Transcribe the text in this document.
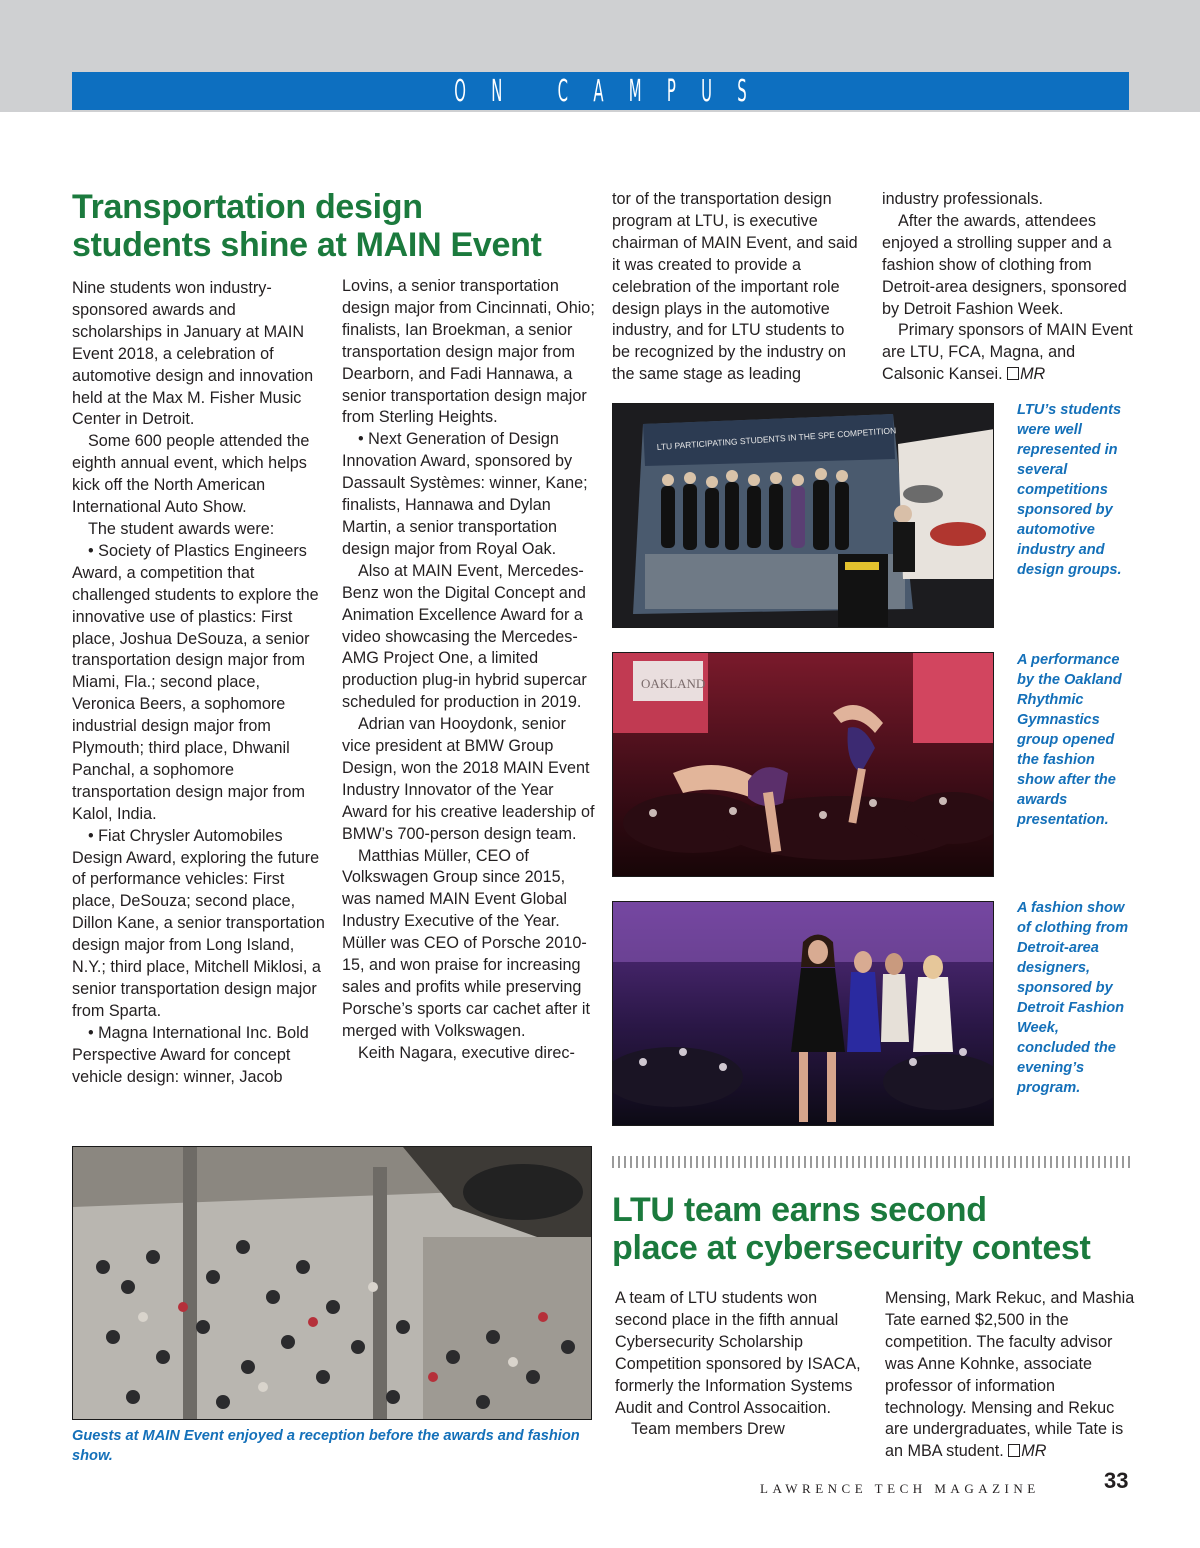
ON CAMPUS
Transportation design
students shine at MAIN Event

Nine students won industry-sponsored awards and scholarships in January at MAIN Event 2018, a celebration of automotive design and innovation held at the Max M. Fisher Music Center in Detroit.

Some 600 people attended the eighth annual event, which helps kick off the North American International Auto Show.

The student awards were:

• Society of Plastics Engineers Award, a competition that challenged students to explore the innovative use of plastics: First place, Joshua DeSouza, a senior transportation design major from Miami, Fla.; second place, Veronica Beers, a sophomore industrial design major from Plymouth; third place, Dhwanil Panchal, a sophomore transportation design major from Kalol, India.

• Fiat Chrysler Automobiles Design Award, exploring the future of performance vehicles: First place, DeSouza; second place, Dillon Kane, a senior transportation design major from Long Island, N.Y.; third place, Mitchell Miklosi, a senior transportation design major from Sparta.

• Magna International Inc. Bold Perspective Award for concept vehicle design: winner, Jacob

Lovins, a senior transportation design major from Cincinnati, Ohio; finalists, Ian Broekman, a senior transportation design major from Dearborn, and Fadi Hannawa, a senior transportation design major from Sterling Heights.

• Next Generation of Design Innovation Award, sponsored by Dassault Systèmes: winner, Kane; finalists, Hannawa and Dylan Martin, a senior transportation design major from Royal Oak.

Also at MAIN Event, Mercedes-Benz won the Digital Concept and Animation Excellence Award for a video showcasing the Mercedes-AMG Project One, a limited production plug-in hybrid supercar scheduled for production in 2019.

Adrian van Hooydonk, senior vice president at BMW Group Design, won the 2018 MAIN Event Industry Innovator of the Year Award for his creative leadership of BMW’s 700-person design team.

Matthias Müller, CEO of Volkswagen Group since 2015, was named MAIN Event Global Industry Executive of the Year. Müller was CEO of Porsche 2010-15, and won praise for increasing sales and profits while preserving Porsche’s sports car cachet after it merged with Volkswagen.

Keith Nagara, executive direc-

tor of the transportation design program at LTU, is executive chairman of MAIN Event, and said it was created to provide a celebration of the important role design plays in the automotive industry, and for LTU students to be recognized by the industry on the same stage as leading

industry professionals.

After the awards, attendees enjoyed a strolling supper and a fashion show of clothing from Detroit-area designers, sponsored by Detroit Fashion Week.

Primary sponsors of MAIN Event are LTU, FCA, Magna, and Calsonic Kansei. MR

LTU PARTICIPATING STUDENTS IN THE SPE COMPETITION
LTU’s students were well represented in several competitions sponsored by automotive industry and design groups.
OAKLAND
A performance by the Oakland Rhythmic Gymnastics group opened the fashion show after the awards presentation.
A fashion show of clothing from Detroit-area designers, sponsored by Detroit Fashion Week, concluded the evening’s program.
Guests at MAIN Event enjoyed a reception before the awards and fashion show.
LTU team earns second
place at cybersecurity contest

A team of LTU students won second place in the fifth annual Cybersecurity Scholarship Competition sponsored by ISACA, formerly the Information Systems Audit and Control Assocaition.

Team members Drew

Mensing, Mark Rekuc, and Mashia Tate earned $2,500 in the competition. The faculty advisor was Anne Kohnke, associate professor of information technology. Mensing and Rekuc are undergraduates, while Tate is an MBA student. MR

LAWRENCE TECH MAGAZINE	33
